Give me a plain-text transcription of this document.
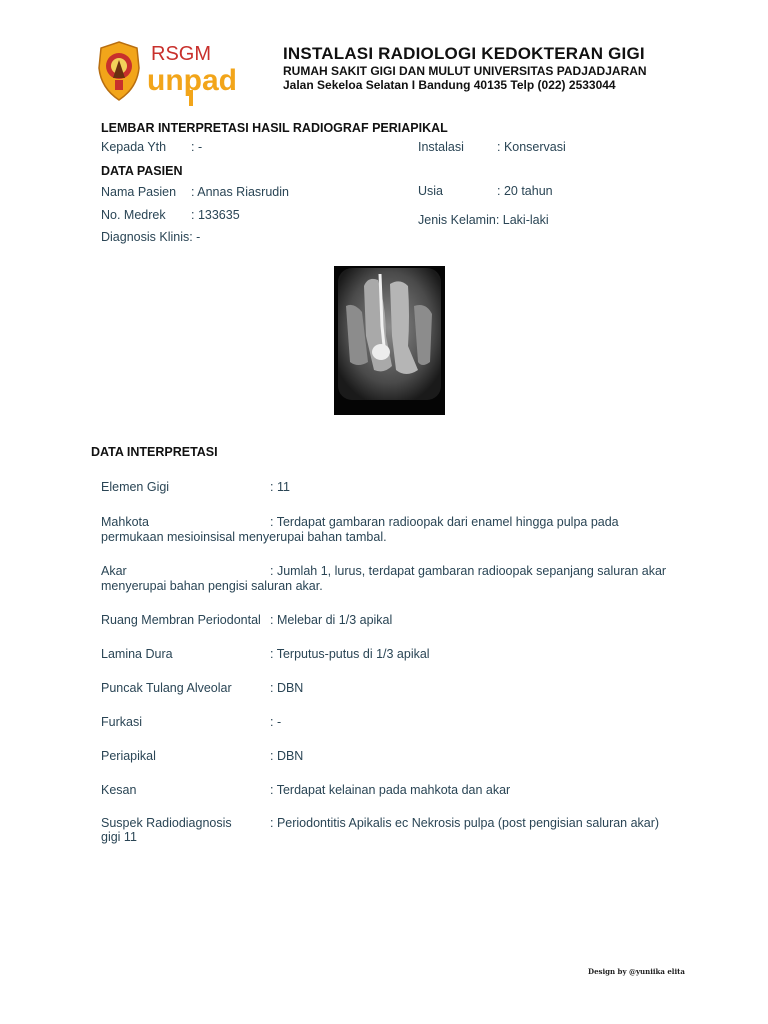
RSGM
unpad
INSTALASI RADIOLOGI KEDOKTERAN GIGI
RUMAH SAKIT GIGI DAN MULUT UNIVERSITAS PADJADJARAN
Jalan Sekeloa Selatan I Bandung 40135 Telp (022) 2533044
LEMBAR INTERPRETASI HASIL RADIOGRAF PERIAPIKAL
Kepada Yth : -	Instalasi	: Konservasi
DATA PASIEN
Nama Pasien : Annas Riasrudin	Usia	: 20 tahun
No. Medrek : 133635	Jenis Kelamin: Laki-laki
Diagnosis Klinis: -
DATA INTERPRETASI
Elemen Gigi	: 11
Mahkota	: Terdapat gambaran radioopak dari enamel hingga pulpa pada
permukaan mesioinsisal menyerupai bahan tambal.
Akar	: Jumlah 1, lurus, terdapat gambaran radioopak sepanjang saluran akar
menyerupai bahan pengisi saluran akar.
Ruang Membran Periodontal : Melebar di 1/3 apikal
Lamina Dura	: Terputus-putus di 1/3 apikal
Puncak Tulang Alveolar	: DBN
Furkasi	: -
Periapikal	: DBN
Kesan	: Terdapat kelainan pada mahkota dan akar
Suspek Radiodiagnosis	: Periodontitis Apikalis ec Nekrosis pulpa (post pengisian saluran akar)
gigi 11
Design by @yuniika elita
